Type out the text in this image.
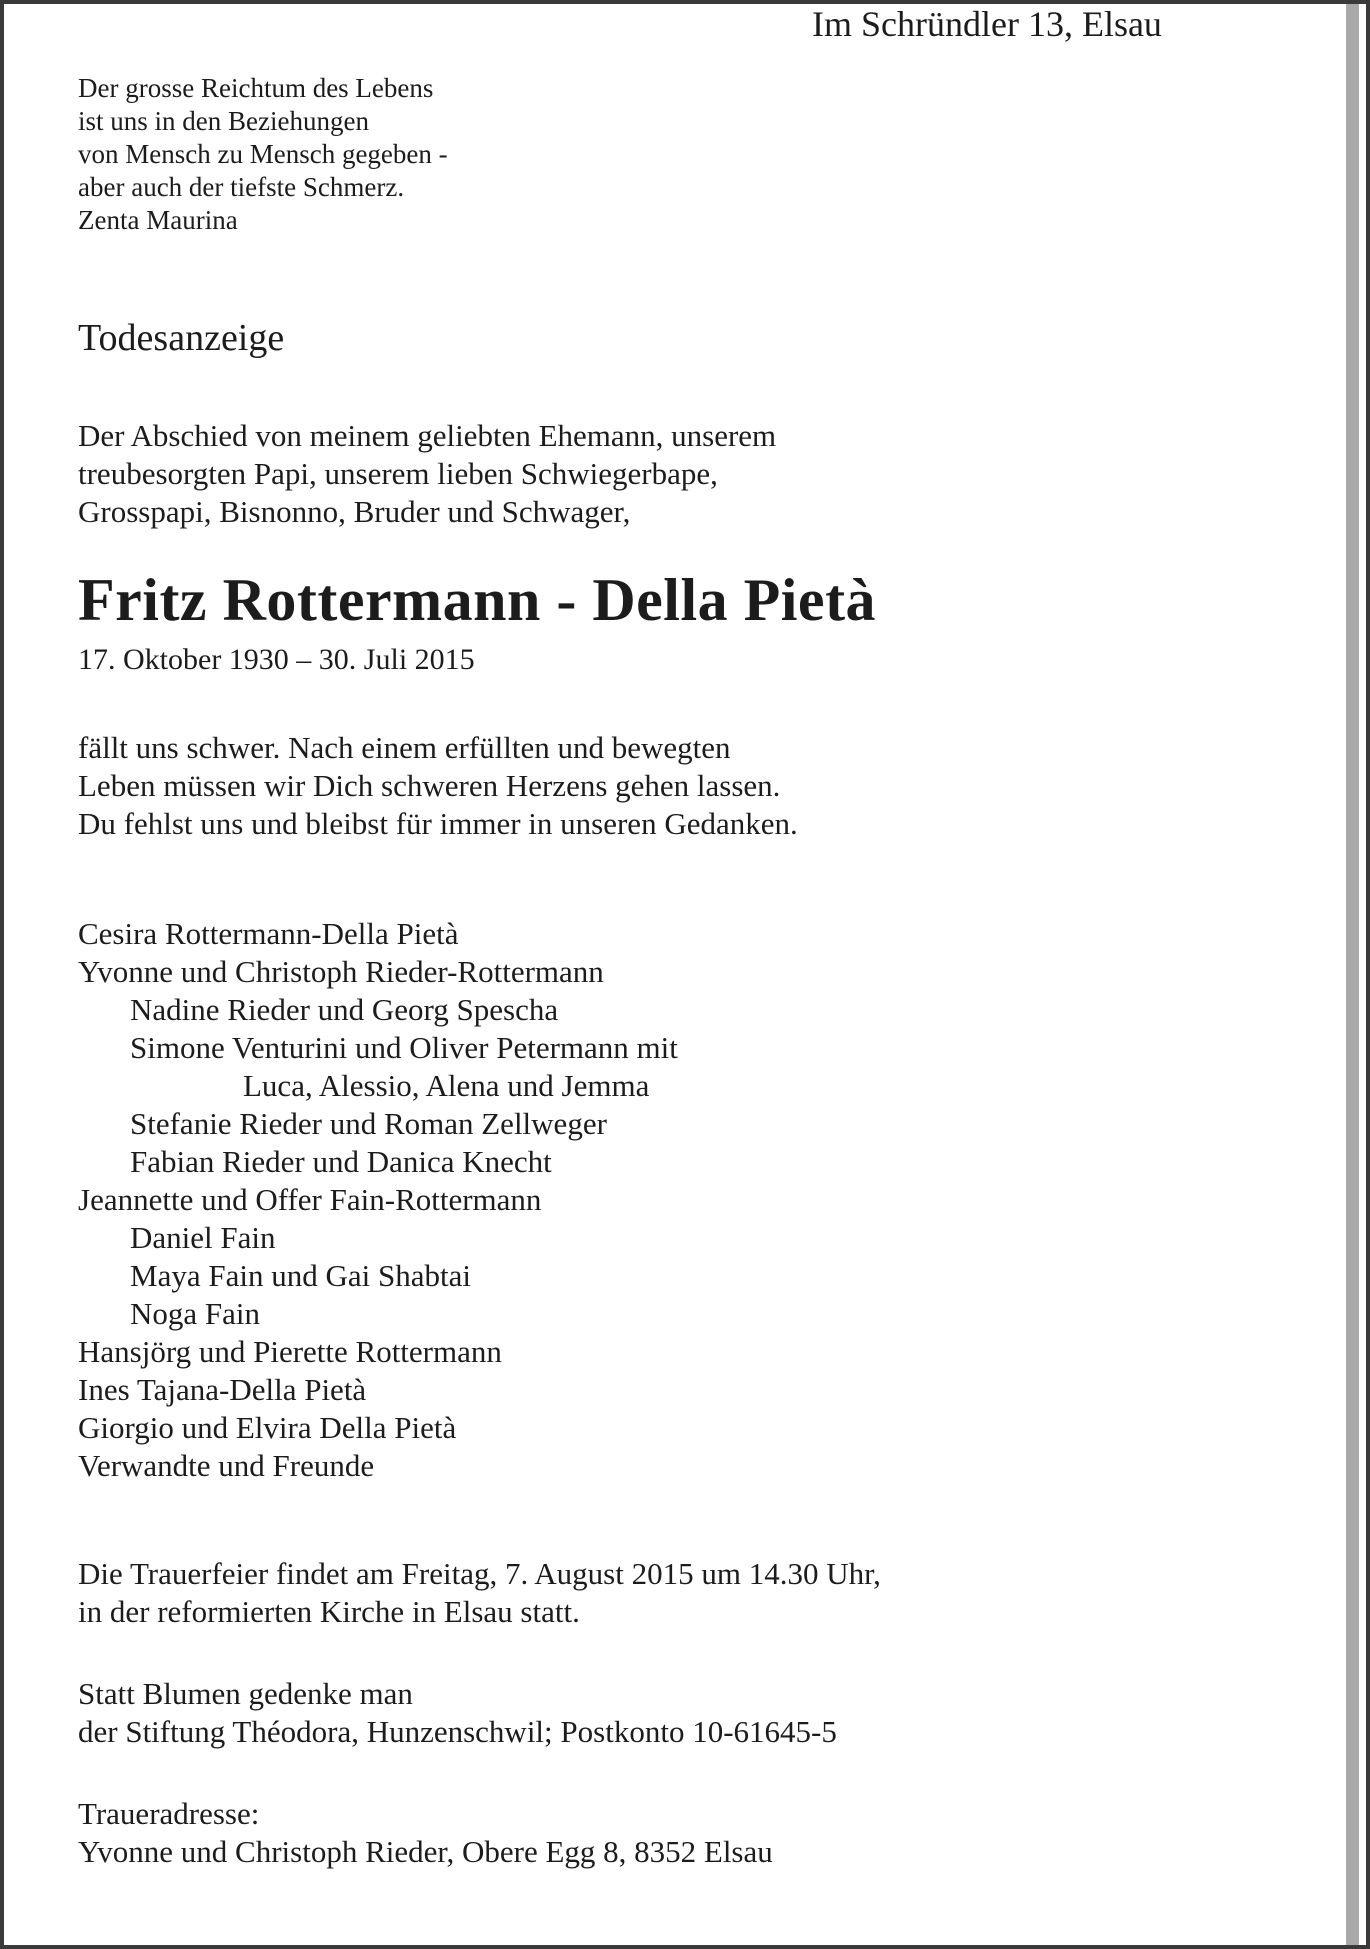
Im Schründler 13, Elsau
Der grosse Reichtum des Lebens
ist uns in den Beziehungen
von Mensch zu Mensch gegeben -
aber auch der tiefste Schmerz.
Zenta Maurina
Todesanzeige
Der Abschied von meinem geliebten Ehemann, unserem
treubesorgten Papi, unserem lieben Schwiegerbape,
Grosspapi, Bisnonno, Bruder und Schwager,
Fritz Rottermann - Della Pietà
17. Oktober 1930 – 30. Juli 2015
fällt uns schwer. Nach einem erfüllten und bewegten
Leben müssen wir Dich schweren Herzens gehen lassen.
Du fehlst uns und bleibst für immer in unseren Gedanken.
Cesira Rottermann-Della Pietà
Yvonne und Christoph Rieder-Rottermann
Nadine Rieder und Georg Spescha
Simone Venturini und Oliver Petermann mit
Luca, Alessio, Alena und Jemma
Stefanie Rieder und Roman Zellweger
Fabian Rieder und Danica Knecht
Jeannette und Offer Fain-Rottermann
Daniel Fain
Maya Fain und Gai Shabtai
Noga Fain
Hansjörg und Pierette Rottermann
Ines Tajana-Della Pietà
Giorgio und Elvira Della Pietà
Verwandte und Freunde
Die Trauerfeier findet am Freitag, 7. August 2015 um 14.30 Uhr,
in der reformierten Kirche in Elsau statt.
Statt Blumen gedenke man
der Stiftung Théodora, Hunzenschwil; Postkonto 10-61645-5
Traueradresse:
Yvonne und Christoph Rieder, Obere Egg 8, 8352 Elsau
